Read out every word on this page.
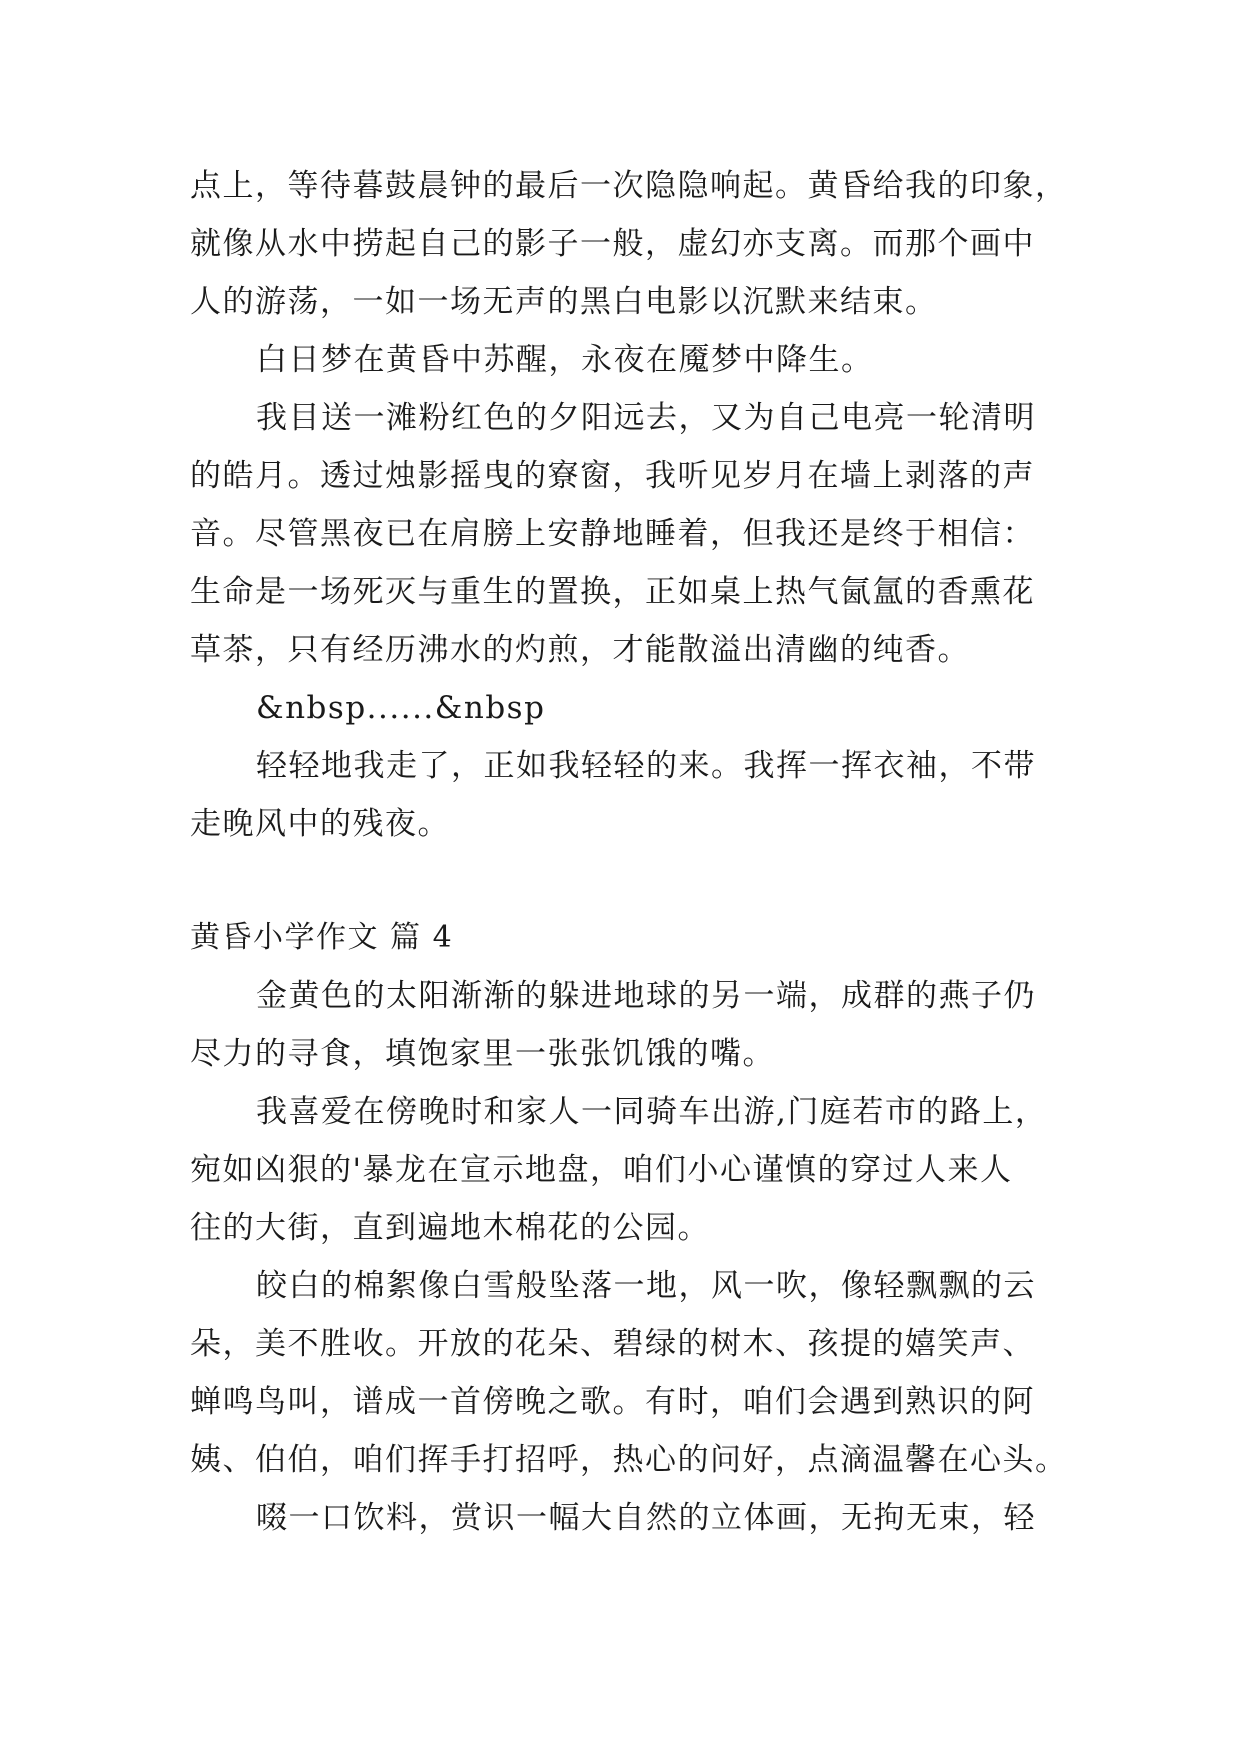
点上，等待暮鼓晨钟的最后一次隐隐响起。黄昏给我的印象，
就像从水中捞起自己的影子一般，虚幻亦支离。而那个画中
人的游荡，一如一场无声的黑白电影以沉默来结束。
白日梦在黄昏中苏醒，永夜在魇梦中降生。
我目送一滩粉红色的夕阳远去，又为自己电亮一轮清明
的皓月。透过烛影摇曳的寮窗，我听见岁月在墙上剥落的声
音。尽管黑夜已在肩膀上安静地睡着，但我还是终于相信：
生命是一场死灭与重生的置换，正如桌上热气氤氲的香熏花
草茶，只有经历沸水的灼煎，才能散溢出清幽的纯香。
&nbsp......&nbsp
轻轻地我走了，正如我轻轻的来。我挥一挥衣袖，不带
走晚风中的残夜。
黄昏小学作文 篇 4
金黄色的太阳渐渐的躲进地球的另一端，成群的燕子仍
尽力的寻食，填饱家里一张张饥饿的嘴。
我喜爱在傍晚时和家人一同骑车出游,门庭若市的路上，
宛如凶狠的'暴龙在宣示地盘，咱们小心谨慎的穿过人来人
往的大街，直到遍地木棉花的公园。
皎白的棉絮像白雪般坠落一地，风一吹，像轻飘飘的云
朵，美不胜收。开放的花朵、碧绿的树木、孩提的嬉笑声、
蝉鸣鸟叫，谱成一首傍晚之歌。有时，咱们会遇到熟识的阿
姨、伯伯，咱们挥手打招呼，热心的问好，点滴温馨在心头。
啜一口饮料，赏识一幅大自然的立体画，无拘无束，轻
